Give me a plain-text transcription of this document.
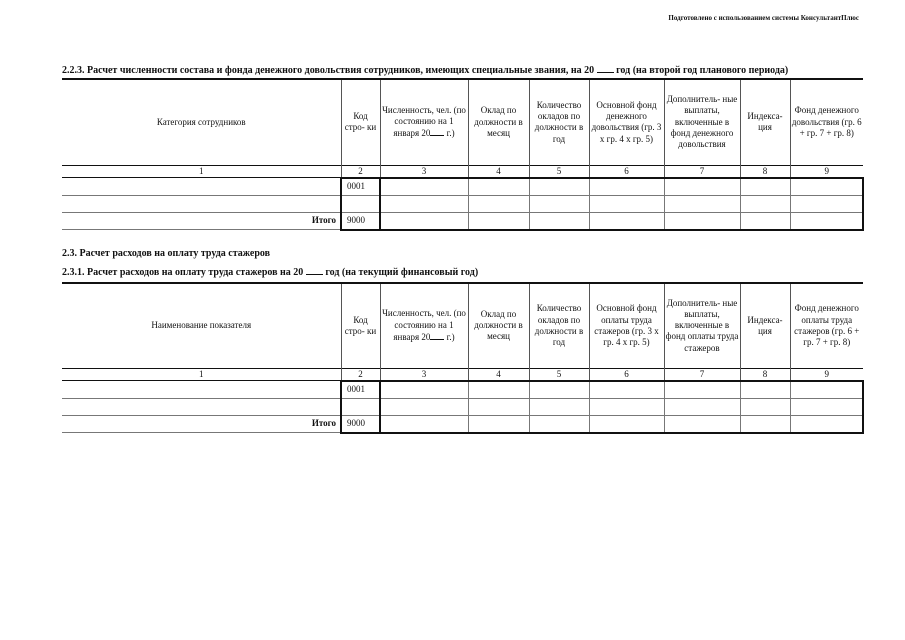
Подготовлено с использованием системы КонсультантПлюс
2.2.3. Расчет численности состава и фонда денежного довольствия сотрудников, имеющих специальные звания, на 20 год (на второй год планового периода)
Категория сотрудников	Код стро- ки	Численность, чел. (по состоянию на 1 января 20 г.)	Оклад по должности в месяц	Количество окладов по должности в год	Основной фонд денежного довольствия (гр. 3 x гр. 4 x гр. 5)	Дополнитель- ные выплаты, включенные в фонд денежного довольствия	Индекса- ция	Фонд денежного довольствия (гр. 6 + гр. 7 + гр. 8)
1	2	3	4	5	6	7	8	9
	0001							

Итого	9000							
2.3. Расчет расходов на оплату труда стажеров
2.3.1. Расчет расходов на оплату труда стажеров на 20 год (на текущий финансовый год)
Наименование показателя	Код стро- ки	Численность, чел. (по состоянию на 1 января 20 г.)	Оклад по должности в месяц	Количество окладов по должности в год	Основной фонд оплаты труда стажеров (гр. 3 x гр. 4 x гр. 5)	Дополнитель- ные выплаты, включенные в фонд оплаты труда стажеров	Индекса- ция	Фонд денежного оплаты труда стажеров (гр. 6 + гр. 7 + гр. 8)
1	2	3	4	5	6	7	8	9
	0001							

Итого	9000							
